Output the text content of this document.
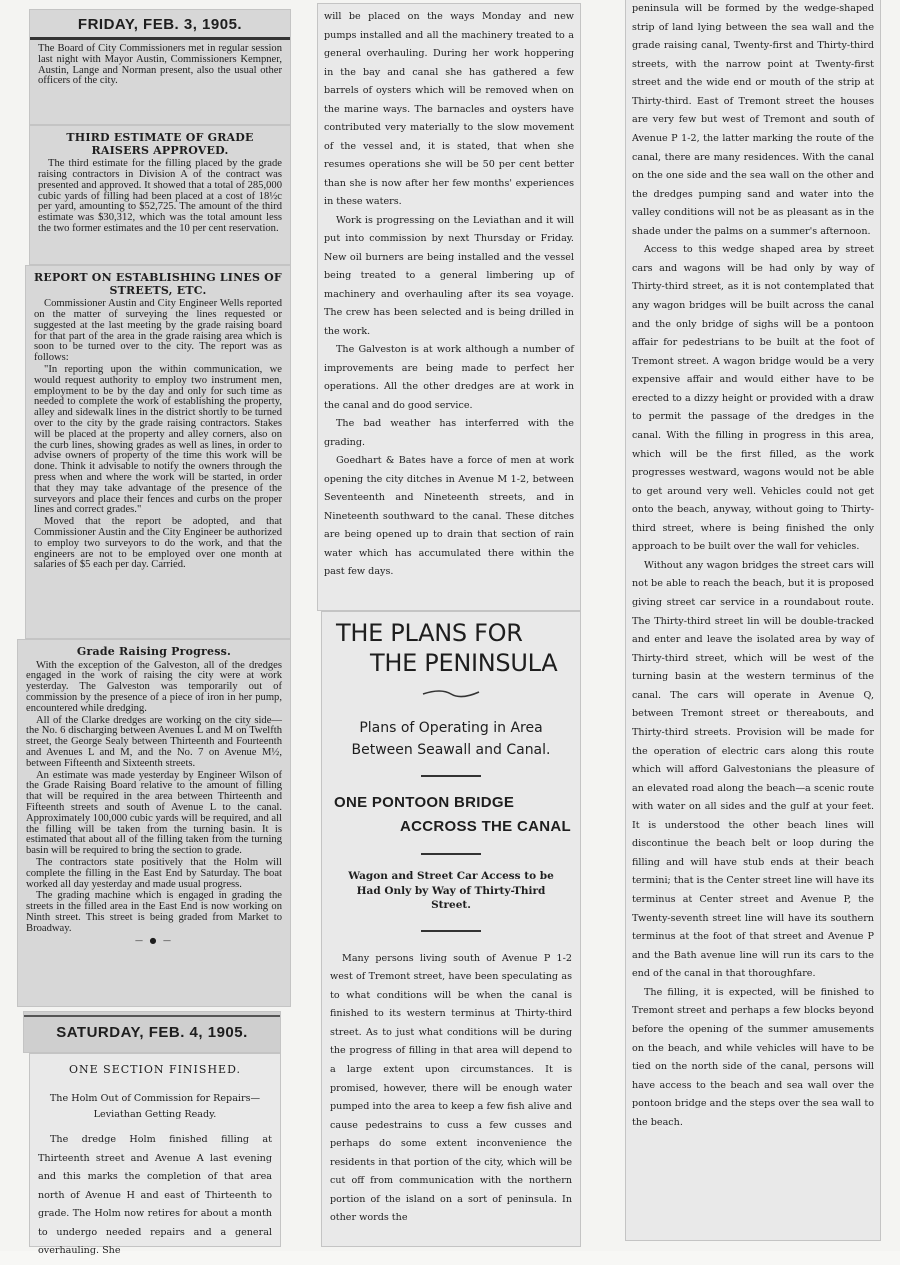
FRIDAY, FEB. 3, 1905.
The Board of City Commissioners met in regular session last night with Mayor Austin, Commissioners Kempner, Austin, Lange and Norman present, also the usual other officers of the city.
THIRD ESTIMATE OF GRADE RAISERS APPROVED.

The third estimate for the filling placed by the grade raising contractors in Division A of the contract was presented and approved. It showed that a total of 285,000 cubic yards of filling had been placed at a cost of 18½c per yard, amounting to $52,725. The amount of the third estimate was $30,312, which was the total amount less the two former estimates and the 10 per cent reservation.

REPORT ON ESTABLISHING LINES OF STREETS, ETC.

Commissioner Austin and City Engineer Wells reported on the matter of surveying the lines requested or suggested at the last meeting by the grade raising board for that part of the area in the grade raising area which is soon to be turned over to the city. The report was as follows:

"In reporting upon the within communication, we would request authority to employ two instrument men, employment to be by the day and only for such time as needed to complete the work of establishing the property, alley and sidewalk lines in the district shortly to be turned over to the city by the grade raising contractors. Stakes will be placed at the property and alley corners, also on the curb lines, showing grades as well as lines, in order to advise owners of property of the time this work will be done. Think it advisable to notify the owners through the press when and where the work will be started, in order that they may take advantage of the presence of the surveyors and place their fences and curbs on the proper lines and correct grades."

Moved that the report be adopted, and that Commissioner Austin and the City Engineer be authorized to employ two surveyors to do the work, and that the engineers are not to be employed over one month at salaries of $5 each per day. Carried.

Grade Raising Progress.

With the exception of the Galveston, all of the dredges engaged in the work of raising the city were at work yesterday. The Galveston was temporarily out of commission by the presence of a piece of iron in her pump, encountered while dredging.

All of the Clarke dredges are working on the city side—the No. 6 discharging between Avenues L and M on Twelfth street, the George Sealy between Thirteenth and Fourteenth and Avenues L and M, and the No. 7 on Avenue M½, between Fifteenth and Sixteenth streets.

An estimate was made yesterday by Engineer Wilson of the Grade Raising Board relative to the amount of filling that will be required in the area between Thirteenth and Fifteenth streets and south of Avenue L to the canal. Approximately 100,000 cubic yards will be required, and all the filling will be taken from the turning basin. It is estimated that about all of the filling taken from the turning basin will be required to bring the section to grade.

The contractors state positively that the Holm will complete the filling in the East End by Saturday. The boat worked all day yesterday and made usual progress.

The grading machine which is engaged in grading the streets in the filled area in the East End is now working on Ninth street. This street is being graded from Market to Broadway.

— ● —
SATURDAY, FEB. 4, 1905.
ONE SECTION FINISHED.
The Holm Out of Commission for Repairs—Leviathan Getting Ready.

The dredge Holm finished filling at Thirteenth street and Avenue A last evening and this marks the completion of that area north of Avenue H and east of Thirteenth to grade. The Holm now retires for about a month to undergo needed repairs and a general overhauling. She

will be placed on the ways Monday and new pumps installed and all the machinery treated to a general overhauling. During her work hoppering in the bay and canal she has gathered a few barrels of oysters which will be removed when on the marine ways. The barnacles and oysters have contributed very materially to the slow movement of the vessel and, it is stated, that when she resumes operations she will be 50 per cent better than she is now after her few months' experiences in these waters.

Work is progressing on the Leviathan and it will put into commission by next Thursday or Friday. New oil burners are being installed and the vessel being treated to a general limbering up of machinery and overhauling after its sea voyage. The crew has been selected and is being drilled in the work.

The Galveston is at work although a number of improvements are being made to perfect her operations. All the other dredges are at work in the canal and do good service.

The bad weather has interferred with the grading.

Goedhart & Bates have a force of men at work opening the city ditches in Avenue M 1-2, between Seventeenth and Nineteenth streets, and in Nineteenth southward to the canal. These ditches are being opened up to drain that section of rain water which has accumulated there within the past few days.

THE PLANS FOR
THE PENINSULA
Plans of Operating in Area Between Seawall and Canal.
ONE PONTOON BRIDGE
ACCROSS THE CANAL
Wagon and Street Car Access to be Had Only by Way of Thirty-Third Street.

Many persons living south of Avenue P 1-2 west of Tremont street, have been speculating as to what conditions will be when the canal is finished to its western terminus at Thirty-third street. As to just what conditions will be during the progress of filling in that area will depend to a large extent upon circumstances. It is promised, however, there will be enough water pumped into the area to keep a few fish alive and cause pedestrains to cuss a few cusses and perhaps do some extent inconvenience the residents in that portion of the city, which will be cut off from communication with the northern portion of the island on a sort of peninsula. In other words the

peninsula will be formed by the wedge-shaped strip of land lying between the sea wall and the grade raising canal, Twenty-first and Thirty-third streets, with the narrow point at Twenty-first street and the wide end or mouth of the strip at Thirty-third. East of Tremont street the houses are very few but west of Tremont and south of Avenue P 1-2, the latter marking the route of the canal, there are many residences. With the canal on the one side and the sea wall on the other and the dredges pumping sand and water into the valley conditions will not be as pleasant as in the shade under the palms on a summer's afternoon.

Access to this wedge shaped area by street cars and wagons will be had only by way of Thirty-third street, as it is not contemplated that any wagon bridges will be built across the canal and the only bridge of sighs will be a pontoon affair for pedestrians to be built at the foot of Tremont street. A wagon bridge would be a very expensive affair and would either have to be erected to a dizzy height or provided with a draw to permit the passage of the dredges in the canal. With the filling in progress in this area, which will be the first filled, as the work progresses westward, wagons would not be able to get around very well. Vehicles could not get onto the beach, anyway, without going to Thirty-third street, where is being finished the only approach to be built over the wall for vehicles.

Without any wagon bridges the street cars will not be able to reach the beach, but it is proposed giving street car service in a roundabout route. The Thirty-third street lin will be double-tracked and enter and leave the isolated area by way of Thirty-third street, which will be west of the turning basin at the western terminus of the canal. The cars will operate in Avenue Q, between Tremont street or thereabouts, and Thirty-third streets. Provision will be made for the operation of electric cars along this route which will afford Galvestonians the pleasure of an elevated road along the beach—a scenic route with water on all sides and the gulf at your feet. It is understood the other beach lines will discontinue the beach belt or loop during the filling and will have stub ends at their beach termini; that is the Center street line will have its terminus at Center street and Avenue P, the Twenty-seventh street line will have its southern terminus at the foot of that street and Avenue P and the Bath avenue line will run its cars to the end of the canal in that thoroughfare.

The filling, it is expected, will be finished to Tremont street and perhaps a few blocks beyond before the opening of the summer amusements on the beach, and while vehicles will have to be tied on the north side of the canal, persons will have access to the beach and sea wall over the pontoon bridge and the steps over the sea wall to the beach.
